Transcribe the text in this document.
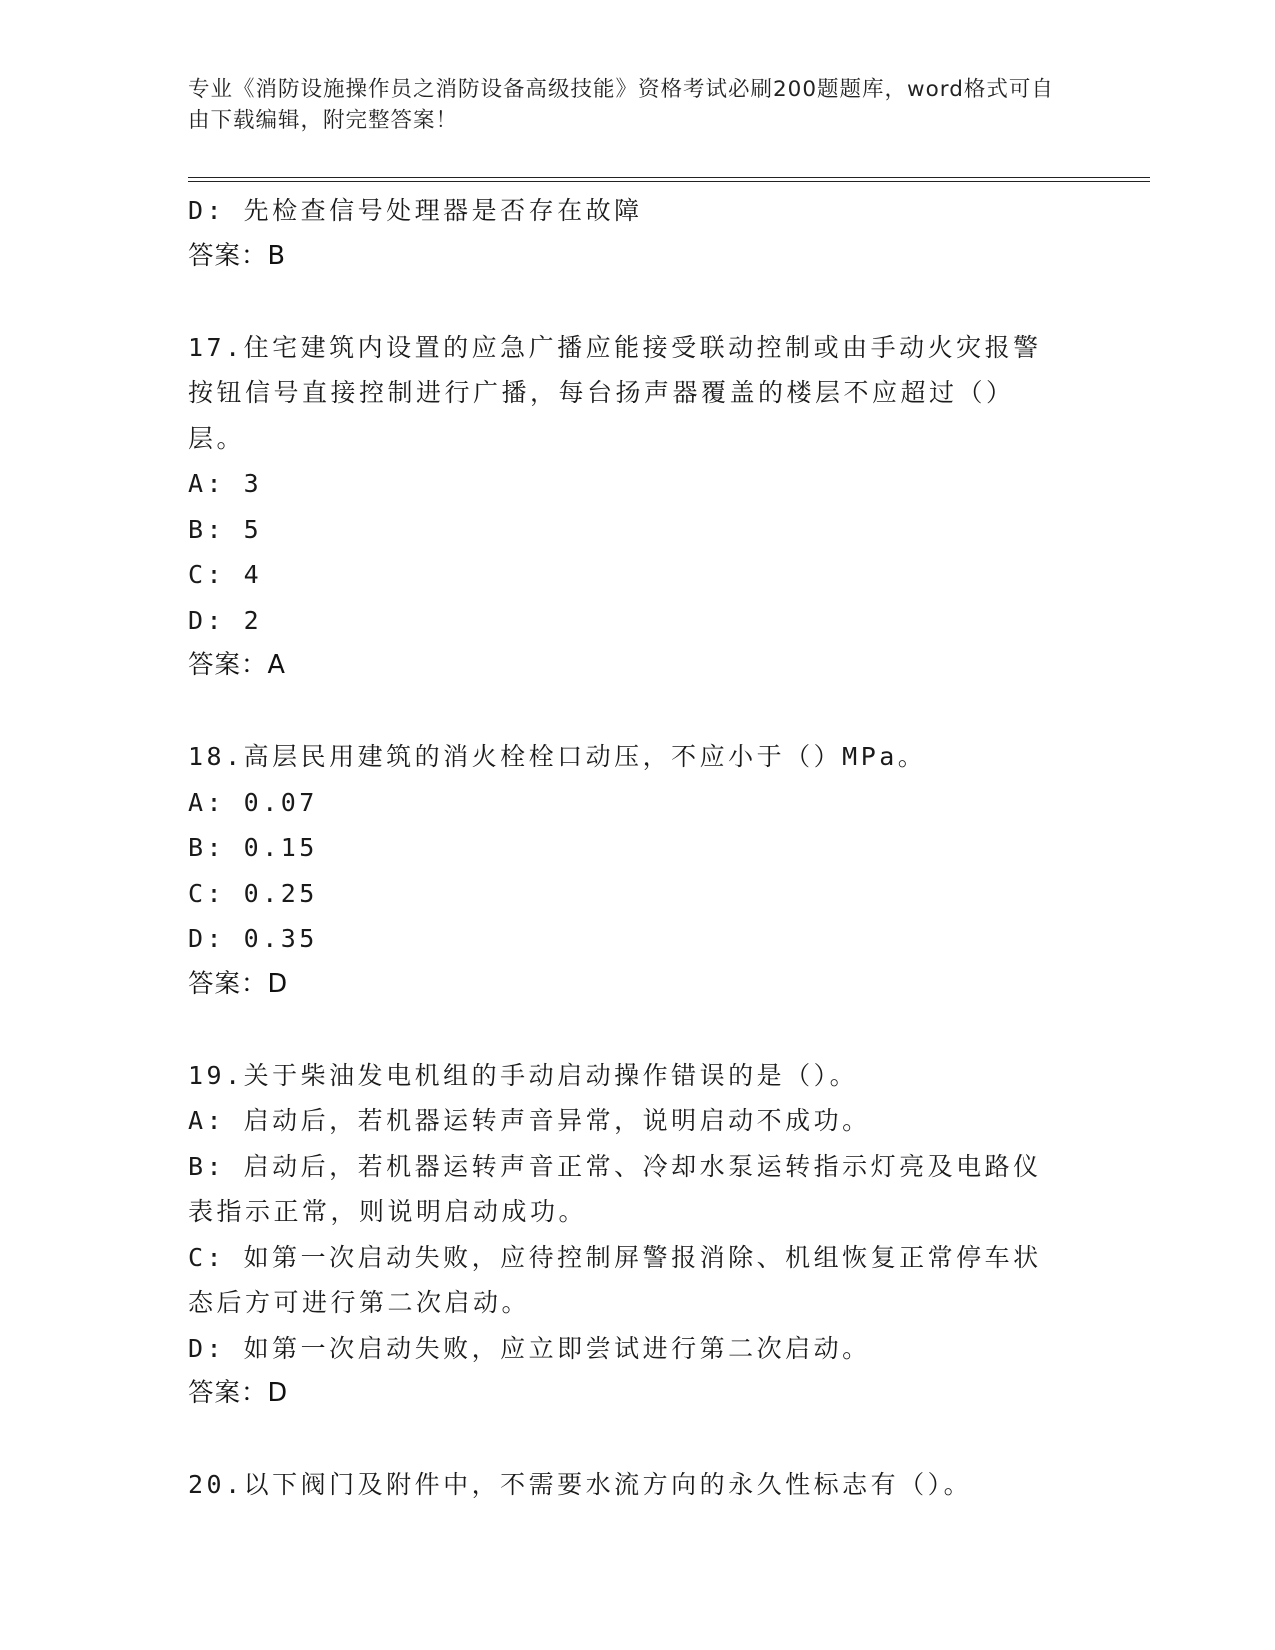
专业《消防设施操作员之消防设备高级技能》资格考试必刷200题题库，word格式可自由下载编辑，附完整答案！
D: 先检查信号处理器是否存在故障
答案：B
17.住宅建筑内设置的应急广播应能接受联动控制或由手动火灾报警按钮信号直接控制进行广播，每台扬声器覆盖的楼层不应超过（）层。
A: 3
B: 5
C: 4
D: 2
答案：A
18.高层民用建筑的消火栓栓口动压，不应小于（）MPa。
A: 0.07
B: 0.15
C: 0.25
D: 0.35
答案：D
19.关于柴油发电机组的手动启动操作错误的是（）。
A: 启动后，若机器运转声音异常，说明启动不成功。
B: 启动后，若机器运转声音正常、冷却水泵运转指示灯亮及电路仪表指示正常，则说明启动成功。
C: 如第一次启动失败，应待控制屏警报消除、机组恢复正常停车状态后方可进行第二次启动。
D: 如第一次启动失败，应立即尝试进行第二次启动。
答案：D
20.以下阀门及附件中，不需要水流方向的永久性标志有（）。
